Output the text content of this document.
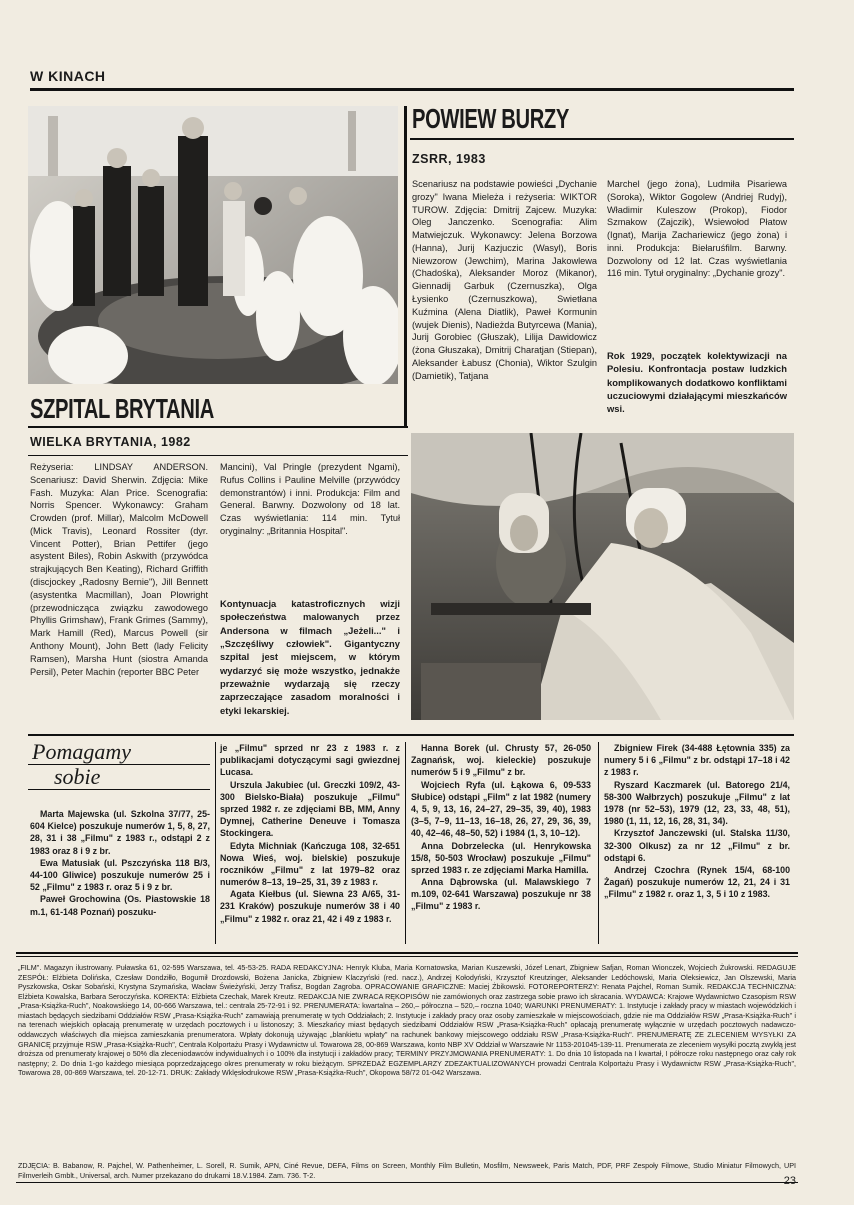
W KINACH
POWIEW BURZY
ZSRR, 1983
Scenariusz na podstawie powieści „Dychanie grozy" Iwana Mieleża i reżyseria: WIKTOR TUROW. Zdjęcia: Dmitrij Zajcew. Muzyka: Oleg Janczenko. Scenografia: Alim Matwiejczuk. Wykonawcy: Jelena Borzowa (Hanna), Jurij Kazjuczic (Wasyl), Boris Niewzorow (Jewchim), Marina Jakowlewa (Chadośka), Aleksander Moroz (Mikanor), Giennadij Garbuk (Czernuszka), Olga Łysienko (Czernuszkowa), Swietłana Kuźmina (Alena Diatlik), Paweł Kormunin (wujek Dienis), Nadieżda Butyrcewa (Mania), Jurij Gorobiec (Głuszak), Lilija Dawidowicz (żona Głuszaka), Dmitrij Charatjan (Stiepan), Aleksander Łabusz (Chonia), Wiktor Szulgin (Damietik), Tatjana
Marchel (jego żona), Ludmiła Pisariewa (Soroka), Wiktor Gogolew (Andriej Rudyj), Władimir Kuleszow (Prokop), Fiodor Szmakow (Zajczik), Wsiewołod Płatow (Ignat), Marija Zachariewicz (jego żona) i inni. Produkcja: Biełaruśfilm. Barwny. Dozwolony od 12 lat. Czas wyświetlania 116 min. Tytuł oryginalny: „Dychanie grozy".
Rok 1929, początek kolektywizacji na Polesiu. Konfrontacja postaw ludzkich komplikowanych dodatkowo konfliktami uczuciowymi działającymi mieszkańców wsi.
SZPITAL BRYTANIA
WIELKA BRYTANIA, 1982
Reżyseria: LINDSAY ANDERSON. Scenariusz: David Sherwin. Zdjęcia: Mike Fash. Muzyka: Alan Price. Scenografia: Norris Spencer. Wykonawcy: Graham Crowden (prof. Millar), Malcolm McDowell (Mick Travis), Leonard Rossiter (dyr. Vincent Potter), Brian Pettifer (jego asystent Biles), Robin Askwith (przywódca strajkujących Ben Keating), Richard Griffith (discjockey „Radosny Bernie"), Jill Bennett (asystentka Macmillan), Joan Plowright (przewodnicząca związku zawodowego Phyllis Grimshaw), Frank Grimes (Sammy), Mark Hamill (Red), Marcus Powell (sir Anthony Mount), John Bett (lady Felicity Ramsen), Marsha Hunt (siostra Amanda Persil), Peter Machin (reporter BBC Peter
Mancini), Val Pringle (prezydent Ngami), Rufus Collins i Pauline Melville (przywódcy demonstrantów) i inni. Produkcja: Film and General. Barwny. Dozwolony od 18 lat. Czas wyświetlania: 114 min. Tytuł oryginalny: „Britannia Hospital".
Kontynuacja katastroficznych wizji społeczeństwa malowanych przez Andersona w filmach „Jeżeli..." i „Szczęśliwy człowiek". Gigantyczny szpital jest miejscem, w którym wydarzyć się może wszystko, jednakże przeważnie wydarzają się rzeczy zaprzeczające zasadom moralności i etyki lekarskiej.
Pomagamy
sobie

Marta Majewska (ul. Szkolna 37/77, 25-604 Kielce) poszukuje numerów 1, 5, 8, 27, 28, 31 i 38 „Filmu" z 1983 r., odstąpi 2 z 1983 oraz 8 i 9 z br.

Ewa Matusiak (ul. Pszczyńska 118 B/3, 44-100 Gliwice) poszukuje numerów 25 i 52 „Filmu" z 1983 r. oraz 5 i 9 z br.

Paweł Grochowina (Os. Piastowskie 18 m.1, 61-148 Poznań) poszuku-

je „Filmu" sprzed nr 23 z 1983 r. z publikacjami dotyczącymi sagi gwiezdnej Lucasa.

Urszula Jakubiec (ul. Greczki 109/2, 43-300 Bielsko-Biała) poszukuje „Filmu" sprzed 1982 r. ze zdjęciami BB, MM, Anny Dymnej, Catherine Deneuve i Tomasza Stockingera.

Edyta Michniak (Kańczuga 108, 32-651 Nowa Wieś, woj. bielskie) poszukuje roczników „Filmu" z lat 1979–82 oraz numerów 8–13, 19–25, 31, 39 z 1983 r.

Agata Kiełbus (ul. Siewna 23 A/65, 31-231 Kraków) poszukuje numerów 38 i 40 „Filmu" z 1982 r. oraz 21, 42 i 49 z 1983 r.

Hanna Borek (ul. Chrusty 57, 26-050 Zagnańsk, woj. kieleckie) poszukuje numerów 5 i 9 „Filmu" z br.

Wojciech Ryfa (ul. Łąkowa 6, 09-533 Słubice) odstąpi „Film" z lat 1982 (numery 4, 5, 9, 13, 16, 24–27, 29–35, 39, 40), 1983 (3–5, 7–9, 11–13, 16–18, 26, 27, 29, 36, 39, 40, 42–46, 48–50, 52) i 1984 (1, 3, 10–12).

Anna Dobrzelecka (ul. Henrykowska 15/8, 50-503 Wrocław) poszukuje „Filmu" sprzed 1983 r. ze zdjęciami Marka Hamilla.

Anna Dąbrowska (ul. Malawskiego 7 m.109, 02-641 Warszawa) poszukuje nr 38 „Filmu" z 1983 r.

Zbigniew Firek (34-488 Łętownia 335) za numery 5 i 6 „Filmu" z br. odstąpi 17–18 i 42 z 1983 r.

Ryszard Kaczmarek (ul. Batorego 21/4, 58-300 Wałbrzych) poszukuje „Filmu" z lat 1978 (nr 52–53), 1979 (12, 23, 33, 48, 51), 1980 (1, 11, 12, 16, 28, 31, 34).

Krzysztof Janczewski (ul. Stalska 11/30, 32-300 Olkusz) za nr 12 „Filmu" z br. odstąpi 6.

Andrzej Czochra (Rynek 15/4, 68-100 Żagań) poszukuje numerów 12, 21, 24 i 31 „Filmu" z 1982 r. oraz 1, 3, 5 i 10 z 1983.

„FILM". Magazyn ilustrowany. Puławska 61, 02-595 Warszawa, tel. 45-53-25. RADA REDAKCYJNA: Henryk Kluba, Maria Kornatowska, Marian Kuszewski, Józef Lenart, Zbigniew Safjan, Roman Wionczek, Wojciech Żukrowski. REDAGUJE ZESPÓŁ: Elżbieta Dolińska, Czesław Dondziłło, Bogumił Drozdowski, Bożena Janicka, Zbigniew Klaczyński (red. nacz.), Andrzej Kołodyński, Krzysztof Kreutzinger, Aleksander Ledóchowski, Maria Oleksiewicz, Jan Olszewski, Maria Pyszkowska, Oskar Sobański, Krystyna Szymańska, Wacław Świeżyński, Jerzy Trafisz, Bogdan Zagroba. OPRACOWANIE GRAFICZNE: Maciej Żbikowski. FOTOREPORTERZY: Renata Pajchel, Roman Sumik. REDAKCJA TECHNICZNA: Elżbieta Kowalska, Barbara Seroczyńska. KOREKTA: Elżbieta Czechak, Marek Kreutz. REDAKCJA NIE ZWRACA RĘKOPISÓW nie zamówionych oraz zastrzega sobie prawo ich skracania. WYDAWCA: Krajowe Wydawnictwo Czasopism RSW „Prasa-Książka-Ruch", Noakowskiego 14, 00-666 Warszawa, tel.: centrala 25-72-91 i 92. PRENUMERATA: kwartalna – 260,– półroczna – 520,– roczna 1040; WARUNKI PRENUMERATY: 1. Instytucje i zakłady pracy w miastach wojewódzkich i miastach będących siedzibami Oddziałów RSW „Prasa-Książka-Ruch" zamawiają prenumeratę w tych Oddziałach; 2. Instytucje i zakłady pracy oraz osoby zamieszkałe w miejscowościach, gdzie nie ma Oddziałów RSW „Prasa-Książka-Ruch" i na terenach wiejskich opłacają prenumeratę w urzędach pocztowych i u listonoszy; 3. Mieszkańcy miast będących siedzibami Oddziałów RSW „Prasa-Książka-Ruch" opłacają prenumeratę wyłącznie w urzędach pocztowych nadawczo-oddawczych właściwych dla miejsca zamieszkania prenumeratora. Wpłaty dokonują używając „blankietu wpłaty" na rachunek bankowy miejscowego oddziału RSW „Prasa-Książka-Ruch". PRENUMERATĘ ZE ZLECENIEM WYSYŁKI ZA GRANICĘ przyjmuje RSW „Prasa-Książka-Ruch", Centrala Kolportażu Prasy i Wydawnictw ul. Towarowa 28, 00-869 Warszawa, konto NBP XV Oddział w Warszawie Nr 1153-201045-139-11. Prenumerata ze zleceniem wysyłki pocztą zwykłą jest droższa od prenumeraty krajowej o 50% dla zleceniodawców indywidualnych i o 100% dla instytucji i zakładów pracy; TERMINY PRZYJMOWANIA PRENUMERATY: 1. Do dnia 10 listopada na I kwartał, I półrocze roku następnego oraz cały rok następny; 2. Do dnia 1-go każdego miesiąca poprzedzającego okres prenumeraty w roku bieżącym. SPRZEDAŻ EGZEMPLARZY ZDEZAKTUALIZOWANYCH prowadzi Centrala Kolportażu Prasy i Wydawnictw RSW „Prasa-Książka-Ruch", Towarowa 28, 00-869 Warszawa, tel. 20-12-71. DRUK: Zakłady Wklęsłodrukowe RSW „Prasa-Książka-Ruch", Okopowa 58/72 01-042 Warszawa.
ZDJĘCIA: B. Babanow, R. Pajchel, W. Pathenheimer, L. Sorell, R. Sumik, APN, Ciné Revue, DEFA, Films on Screen, Monthly Film Bulletin, Mosfilm, Newsweek, Paris Match, PDF, PRF Zespoły Filmowe, Studio Miniatur Filmowych, UPI Filmverleih Gmblt., Universal, arch. Numer przekazano do drukarni 18.V.1984. Zam. 736. T-2.	23
